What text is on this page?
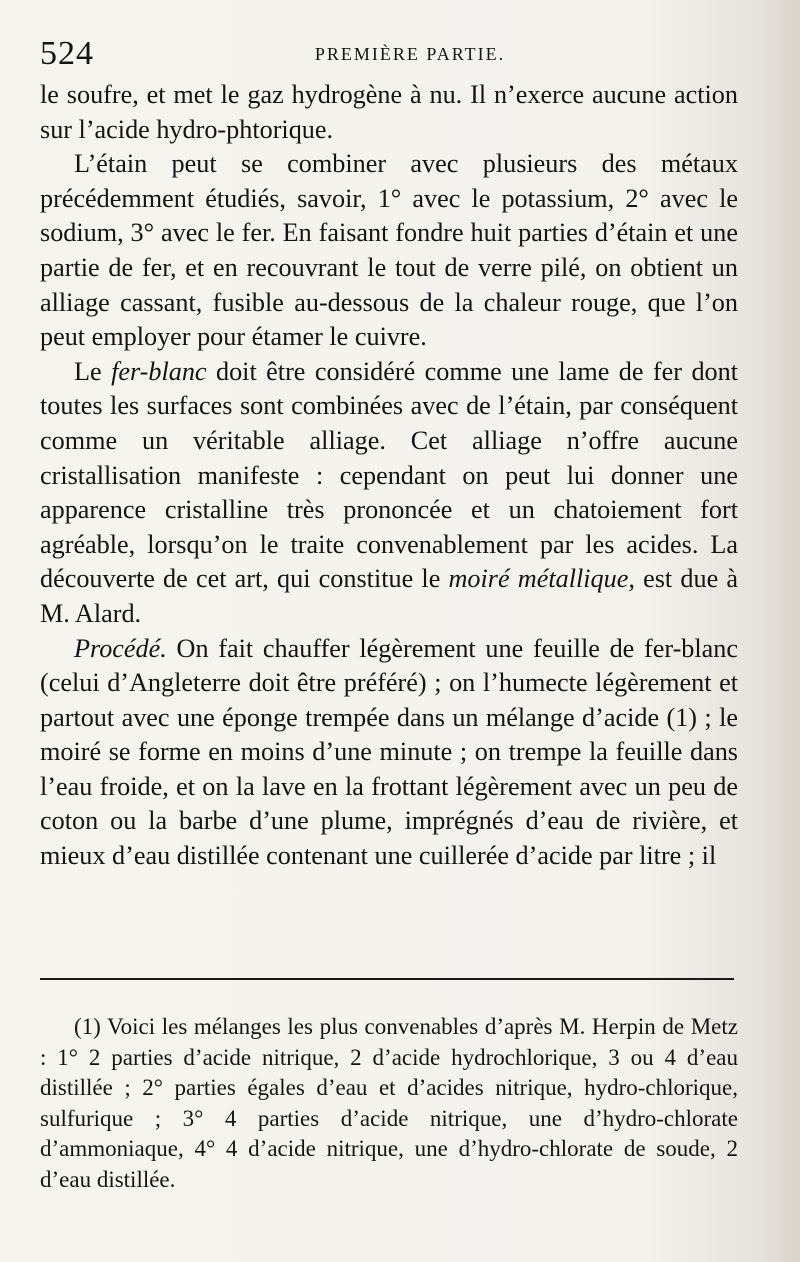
524	PREMIÈRE PARTIE.

le soufre, et met le gaz hydrogène à nu. Il n’exerce aucune action sur l’acide hydro-phtorique.

L’étain peut se combiner avec plusieurs des métaux précédemment étudiés, savoir, 1° avec le potassium, 2° avec le sodium, 3° avec le fer. En faisant fondre huit parties d’étain et une partie de fer, et en recouvrant le tout de verre pilé, on obtient un alliage cassant, fusible au-dessous de la chaleur rouge, que l’on peut employer pour étamer le cuivre.

Le fer-blanc doit être considéré comme une lame de fer dont toutes les surfaces sont combinées avec de l’étain, par conséquent comme un véritable alliage. Cet alliage n’offre aucune cristallisation manifeste : cependant on peut lui donner une apparence cristalline très prononcée et un chatoiement fort agréable, lorsqu’on le traite convenablement par les acides. La découverte de cet art, qui constitue le moiré métallique, est due à M. Alard.

Procédé. On fait chauffer légèrement une feuille de fer-blanc (celui d’Angleterre doit être préféré) ; on l’humecte légèrement et partout avec une éponge trempée dans un mélange d’acide (1) ; le moiré se forme en moins d’une minute ; on trempe la feuille dans l’eau froide, et on la lave en la frottant légèrement avec un peu de coton ou la barbe d’une plume, imprégnés d’eau de rivière, et mieux d’eau distillée contenant une cuillerée d’acide par litre ; il

(1) Voici les mélanges les plus convenables d’après M. Herpin de Metz : 1° 2 parties d’acide nitrique, 2 d’acide hydrochlorique, 3 ou 4 d’eau distillée ; 2° parties égales d’eau et d’acides nitrique, hydro-chlorique, sulfurique ; 3° 4 parties d’acide nitrique, une d’hydro-chlorate d’ammoniaque, 4° 4 d’acide nitrique, une d’hydro-chlorate de soude, 2 d’eau distillée.
